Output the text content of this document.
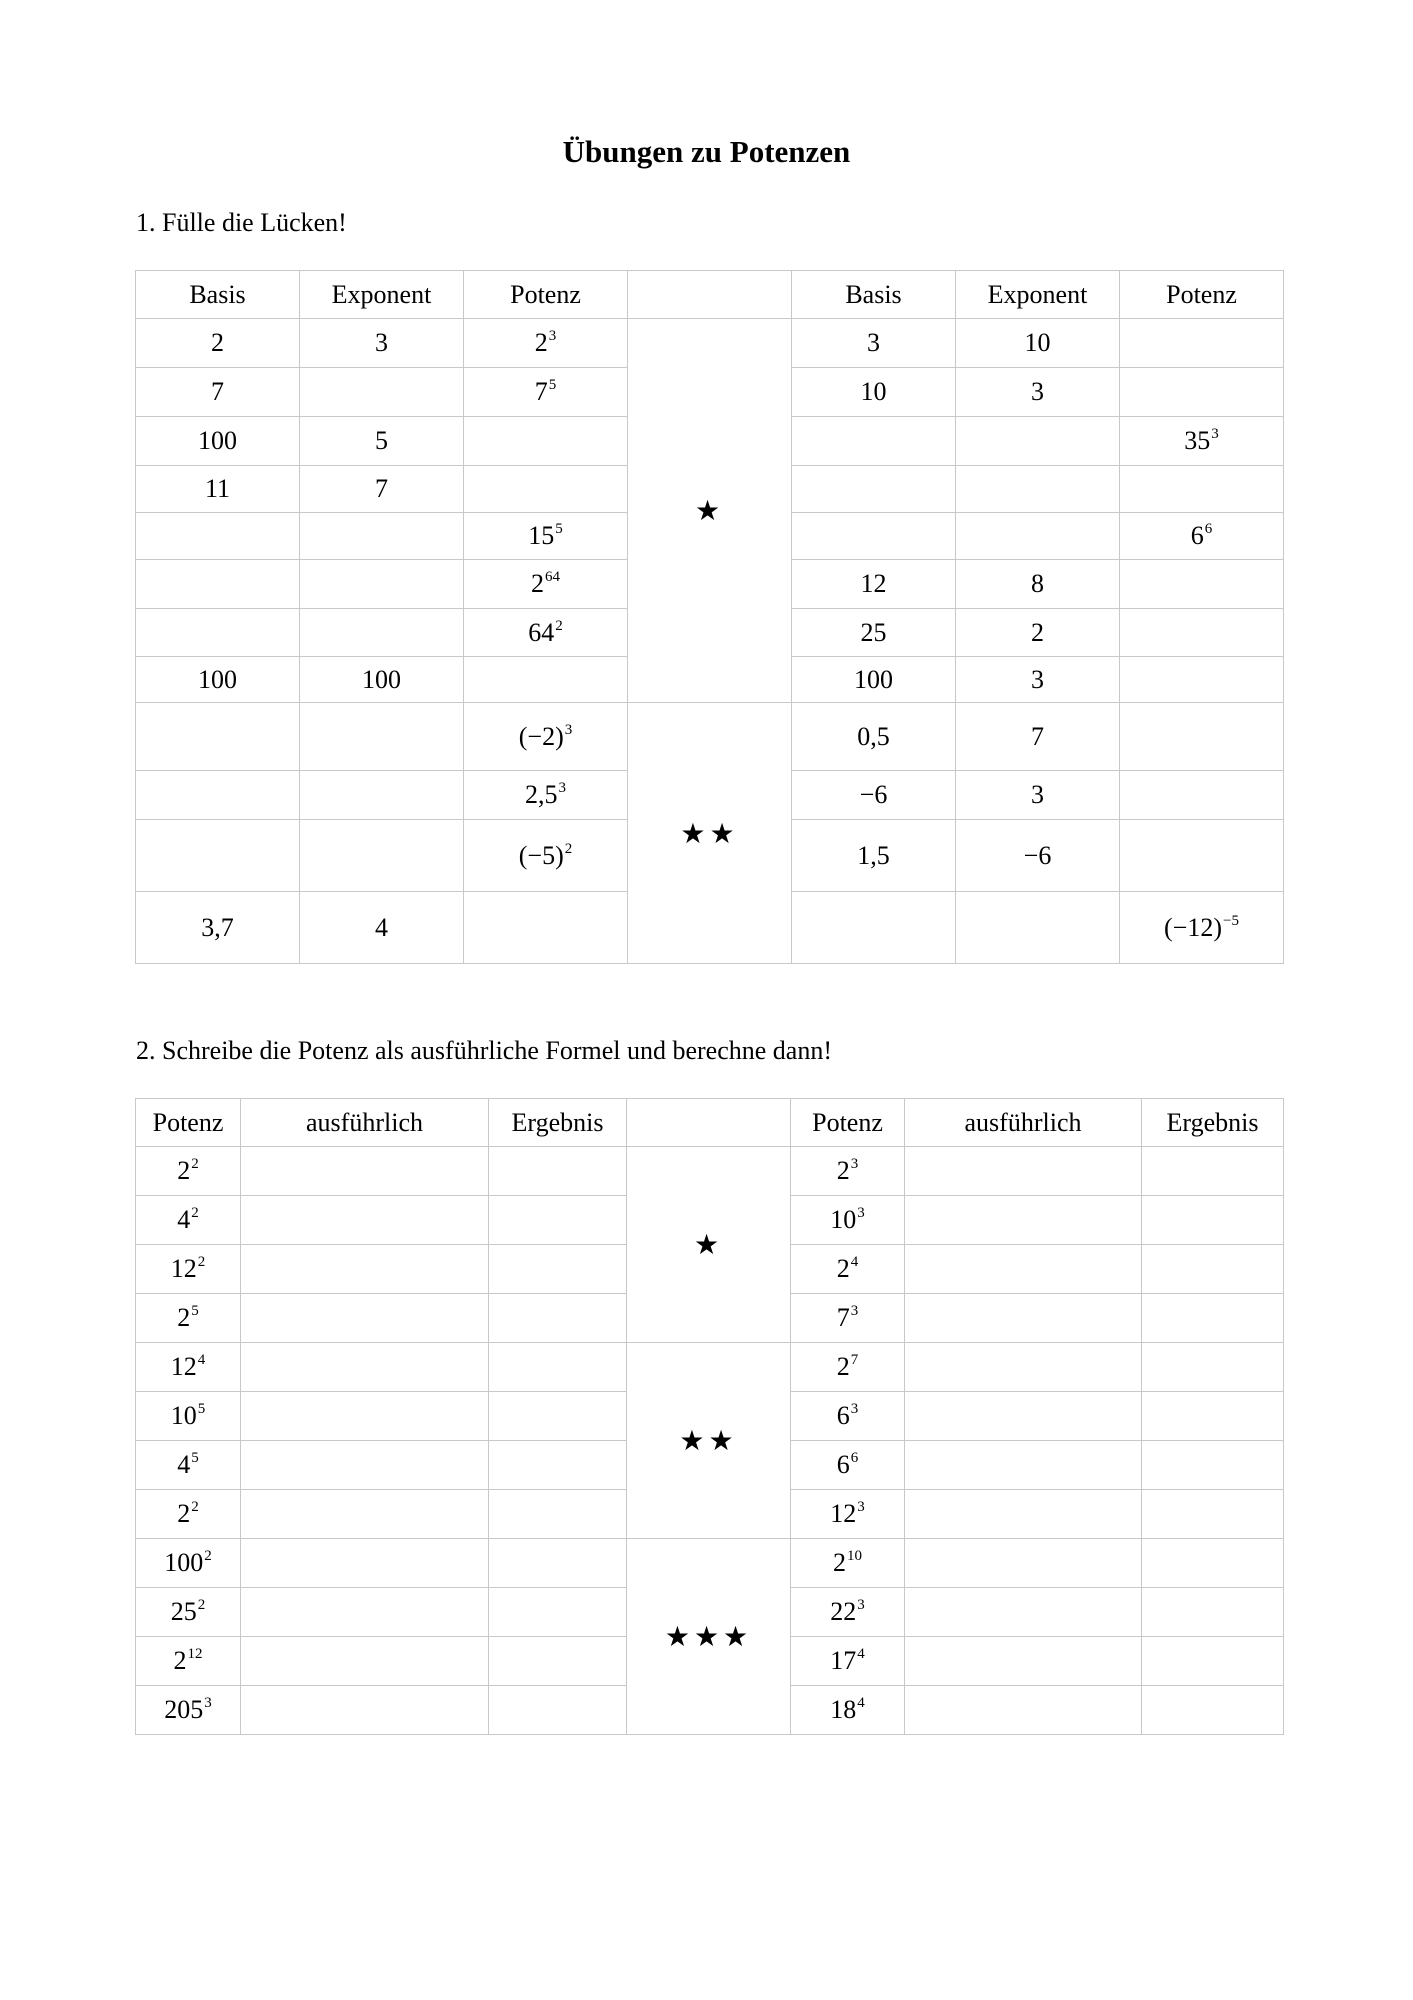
Übungen zu Potenzen

1. Fülle die Lücken!

Basis	Exponent	Potenz		Basis	Exponent	Potenz
2	3	$2^3$	★	3	10	
7		$7^5$		10	3	
100	5					$35^3$
11	7					
		$15^5$				$6^6$
		$2^{64}$		12	8	
		$64^2$		25	2	
100	100			100	3	
		$(-2)^3$	★★	0,5	7	
		$2,5^3$		−6	3	
		$(-5)^2$		1,5	−6	
3,7	4					$(-12)^{-5}$

2. Schreibe die Potenz als ausführliche Formel und berechne dann!

Potenz	ausführlich	Ergebnis		Potenz	ausführlich	Ergebnis
$2^2$			★	$2^3$		
$4^2$				$10^3$		
$12^2$				$2^4$		
$2^5$				$7^3$		
$12^4$			★★	$2^7$		
$10^5$				$6^3$		
$4^5$				$6^6$		
$2^2$				$12^3$		
$100^2$			★★★	$2^{10}$		
$25^2$				$22^3$		
$2^{12}$				$17^4$		
$205^3$				$18^4$		
